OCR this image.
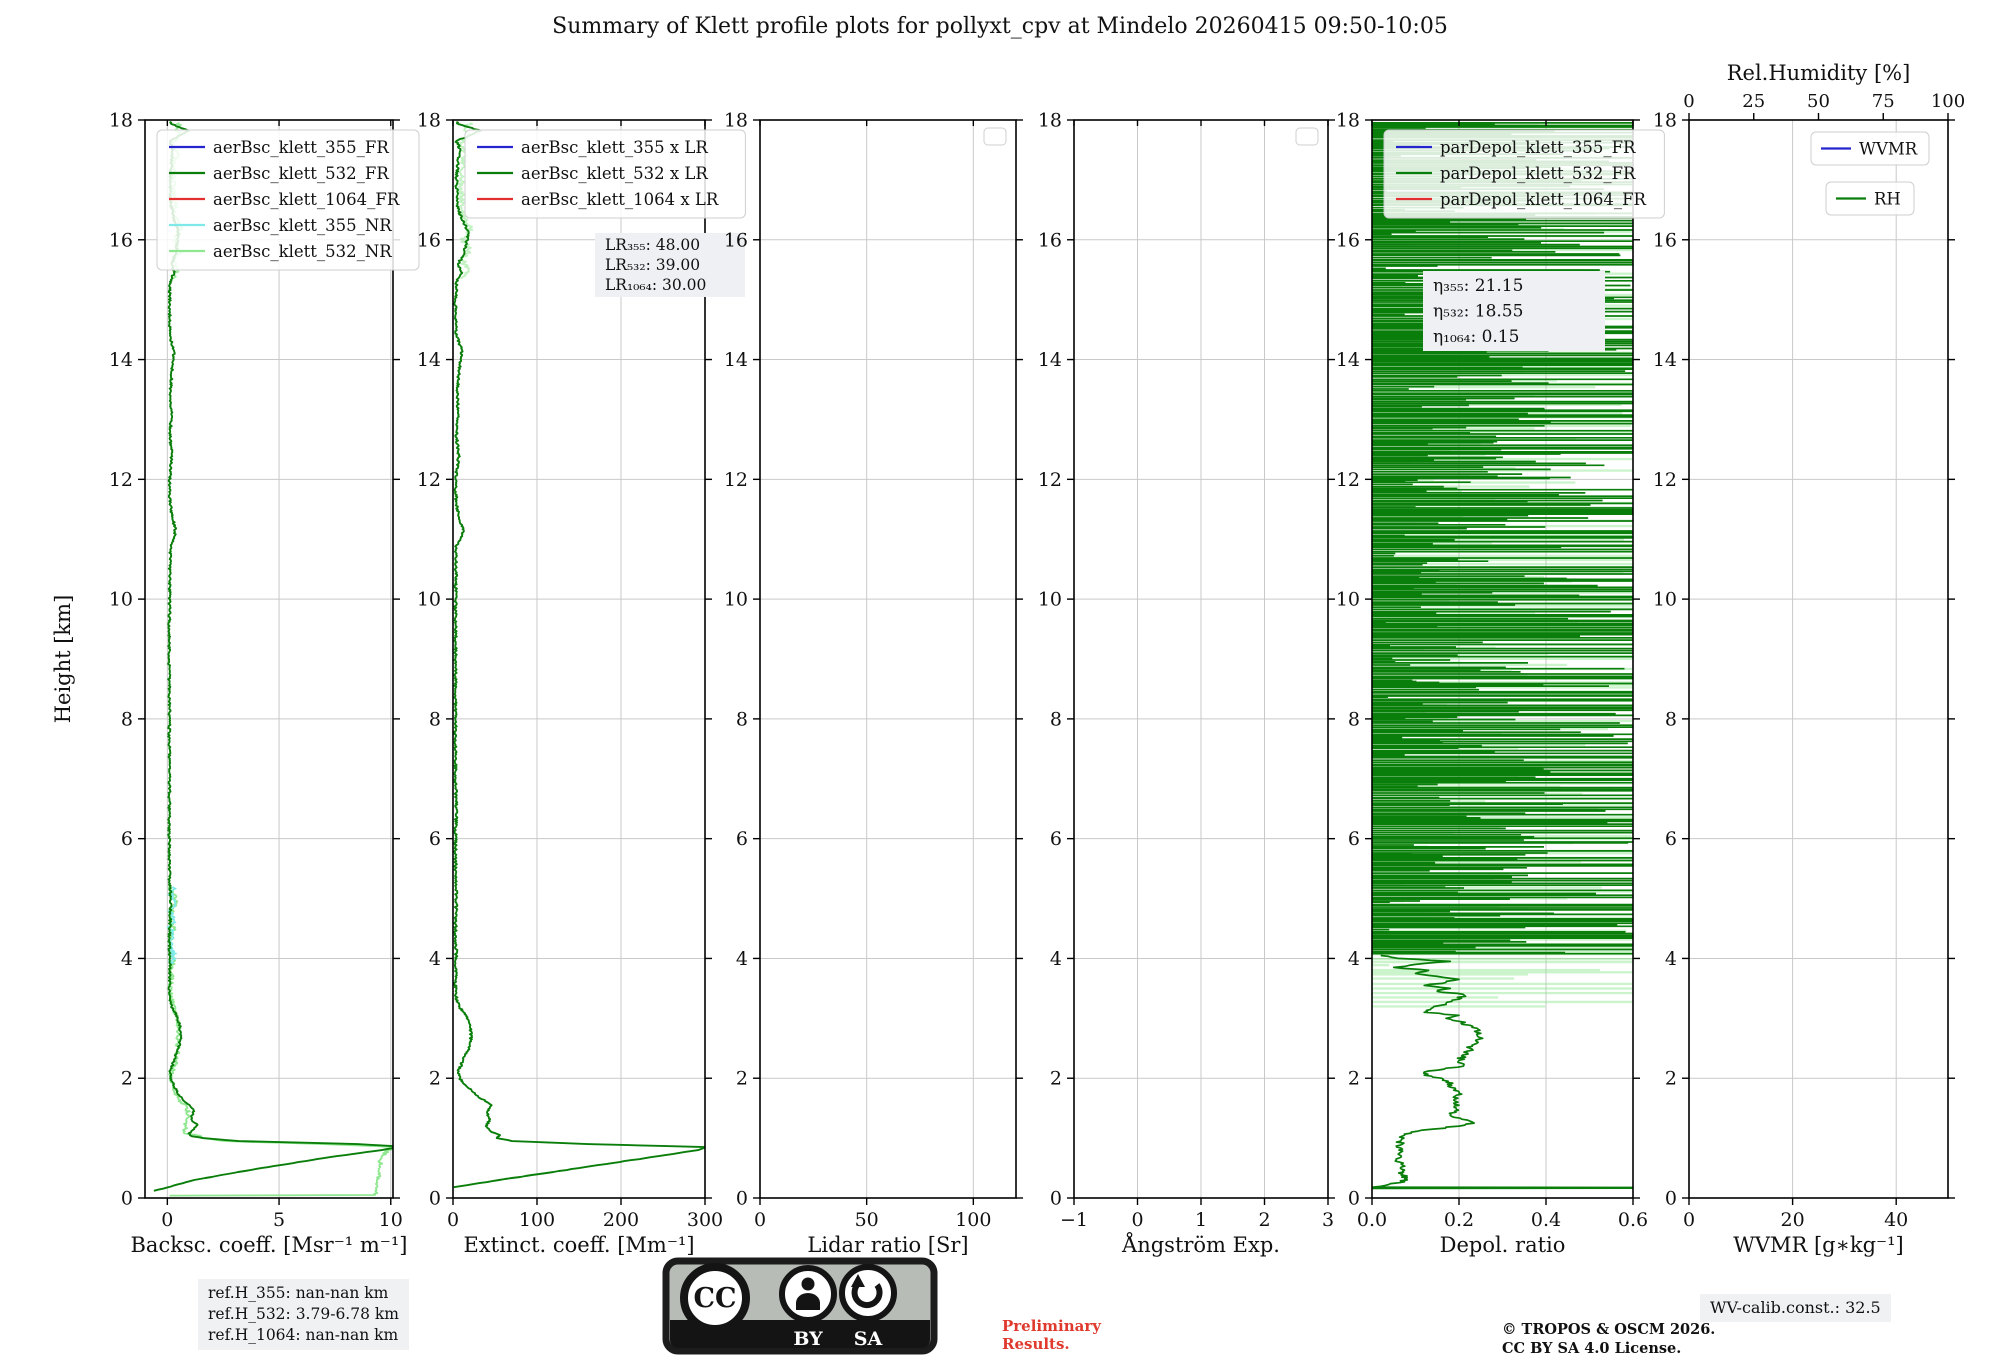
Summary of Klett profile plots for pollyxt_cpv at Mindelo 20260415 09:50-10:05
0	5	10
0
2
4
6
8
10
12
14
16
18
Backsc. coeff. [Msr⁻¹ m⁻¹]
aerBsc_klett_355_FR
aerBsc_klett_532_FR
aerBsc_klett_1064_FR
aerBsc_klett_355_NR
aerBsc_klett_532_NR
0	100	200	300
0
2
4
6
8
10
12
14
16
18
Extinct. coeff. [Mm⁻¹]
aerBsc_klett_355 x LR
aerBsc_klett_532 x LR
aerBsc_klett_1064 x LR
LR₃₅₅: 48.00
LR₅₃₂: 39.00
LR₁₀₆₄: 30.00
0	50	100
0
2
4
6
8
10
12
14
16
18
Lidar ratio [Sr]
−1 0	1	2	3
0
2
4
6
8
10
12
14
16
18
Ångström Exp.
0.0	0.2	0.4	0.6
0
2
4
6
8
10
12
14
16
18
Depol. ratio
parDepol_klett_355_FR
parDepol_klett_532_FR
parDepol_klett_1064_FR
η₃₅₅: 21.15
η₅₃₂: 18.55
η₁₀₆₄: 0.15
0	20	40
0
2
4
6
8
10
12
14
16
18
0	25 50 75 100
Rel.Humidity [%]
WVMR [g∗kg⁻¹]
WVMR
RH
Height [km]
ref.H_355: nan-nan km
ref.H_532: 3.79-6.78 km
ref.H_1064: nan-nan km
WV-calib.const.: 32.5
Preliminary
Results.
© TROPOS & OSCM 2026.
CC BY SA 4.0 License.
CC
BY SA
